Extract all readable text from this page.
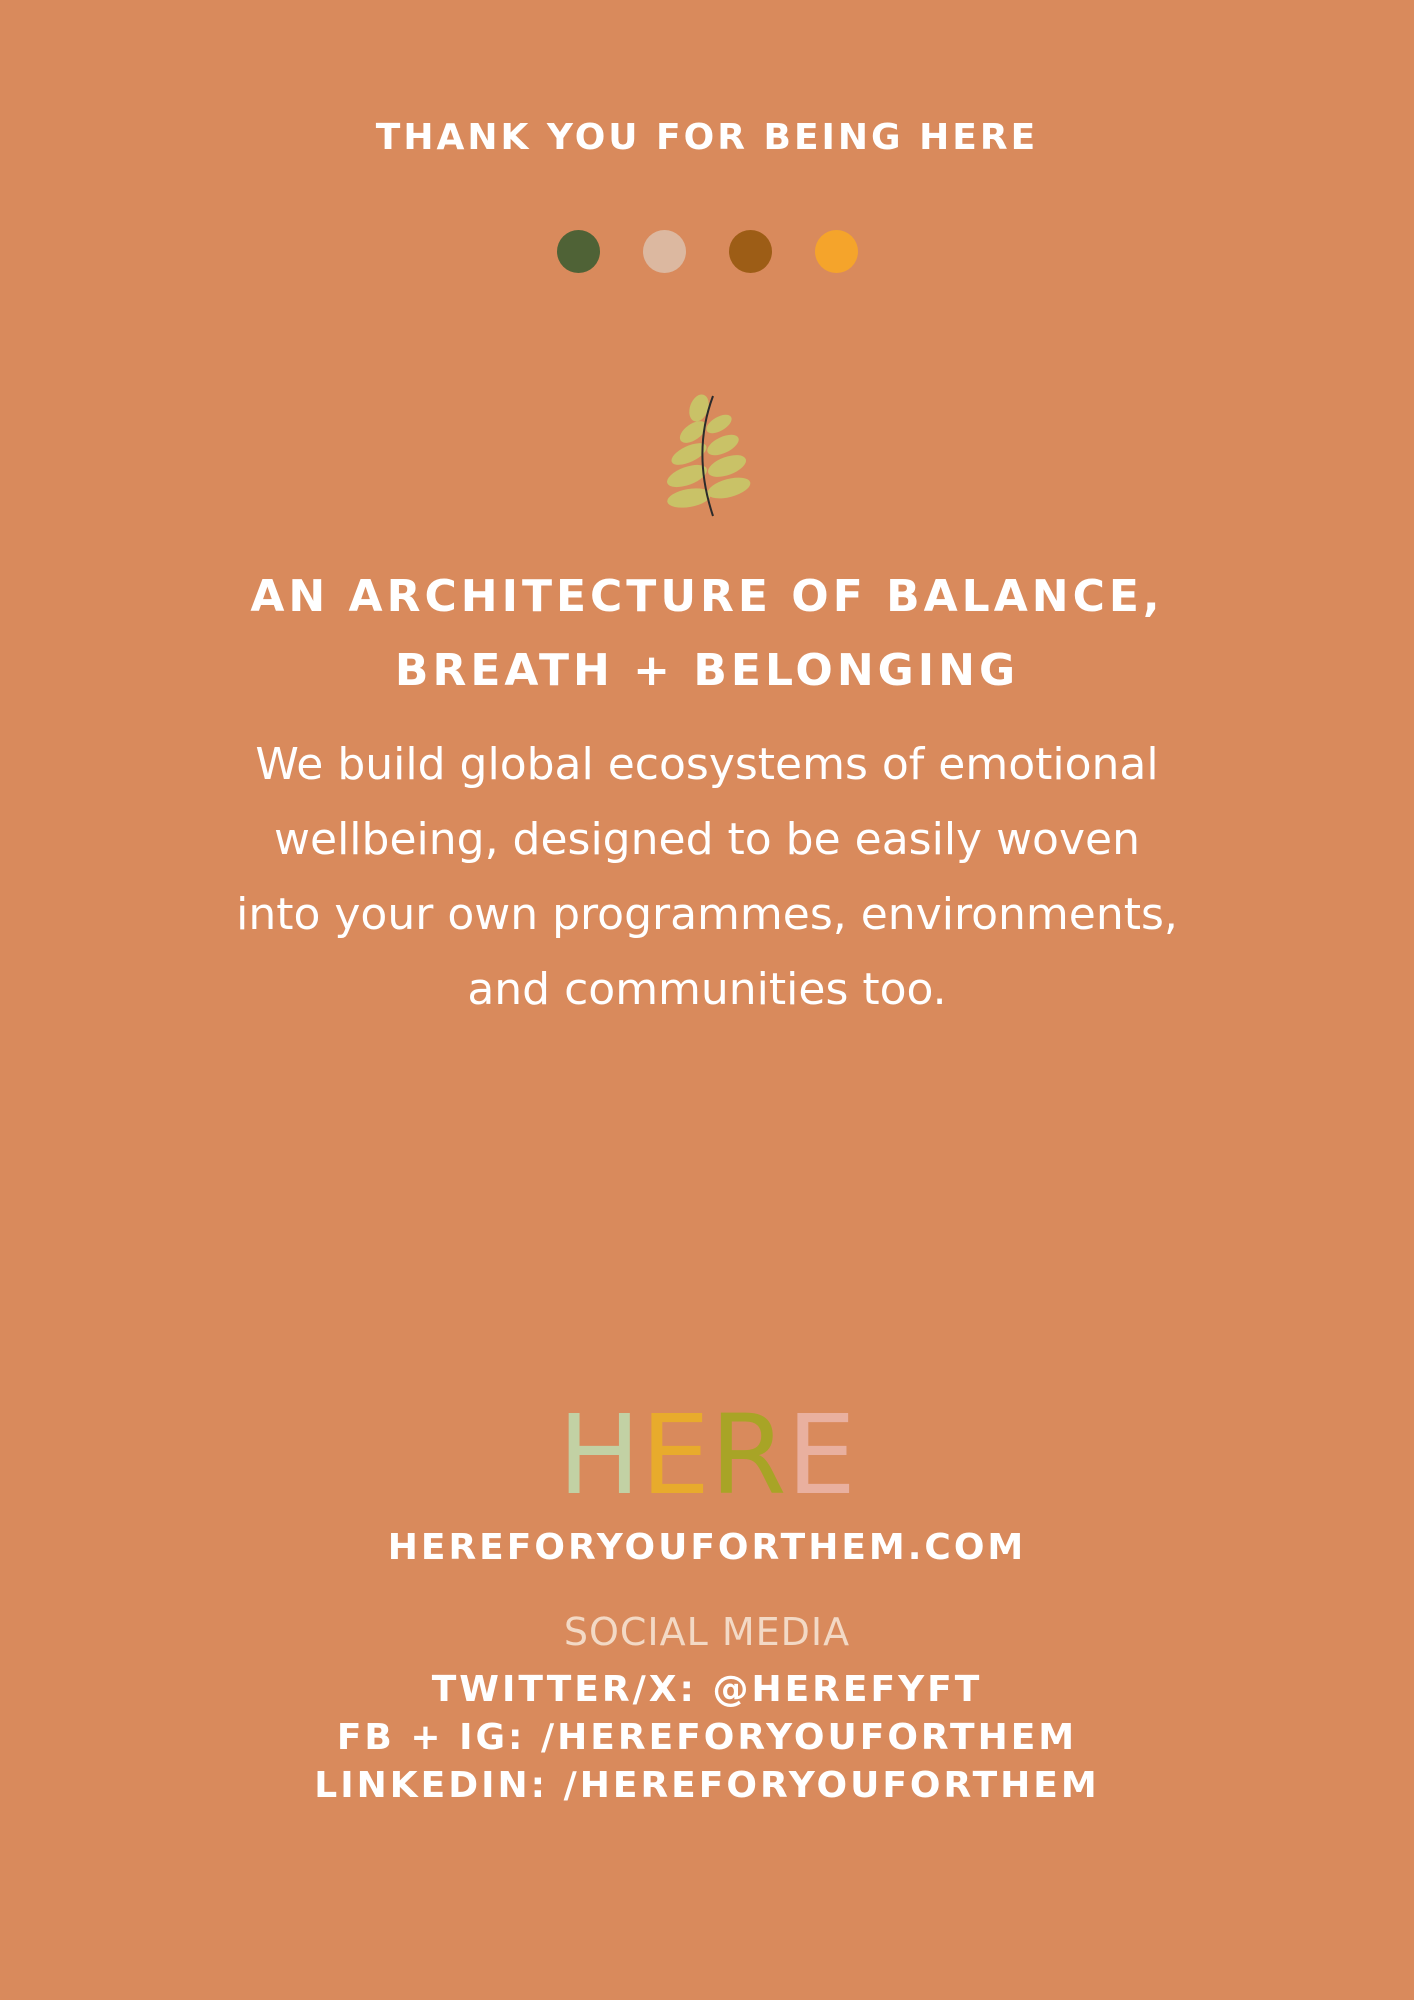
THANK YOU FOR BEING HERE
AN ARCHITECTURE OF BALANCE,
BREATH + BELONGING
We build global ecosystems of emotional wellbeing, designed to be easily woven into your own programmes, environments, and communities too.
HERE
HEREFORYOUFORTHEM.COM
SOCIAL MEDIA
TWITTER/X: @HEREFYFT
FB + IG: /HEREFORYOUFORTHEM
LINKEDIN: /HEREFORYOUFORTHEM
